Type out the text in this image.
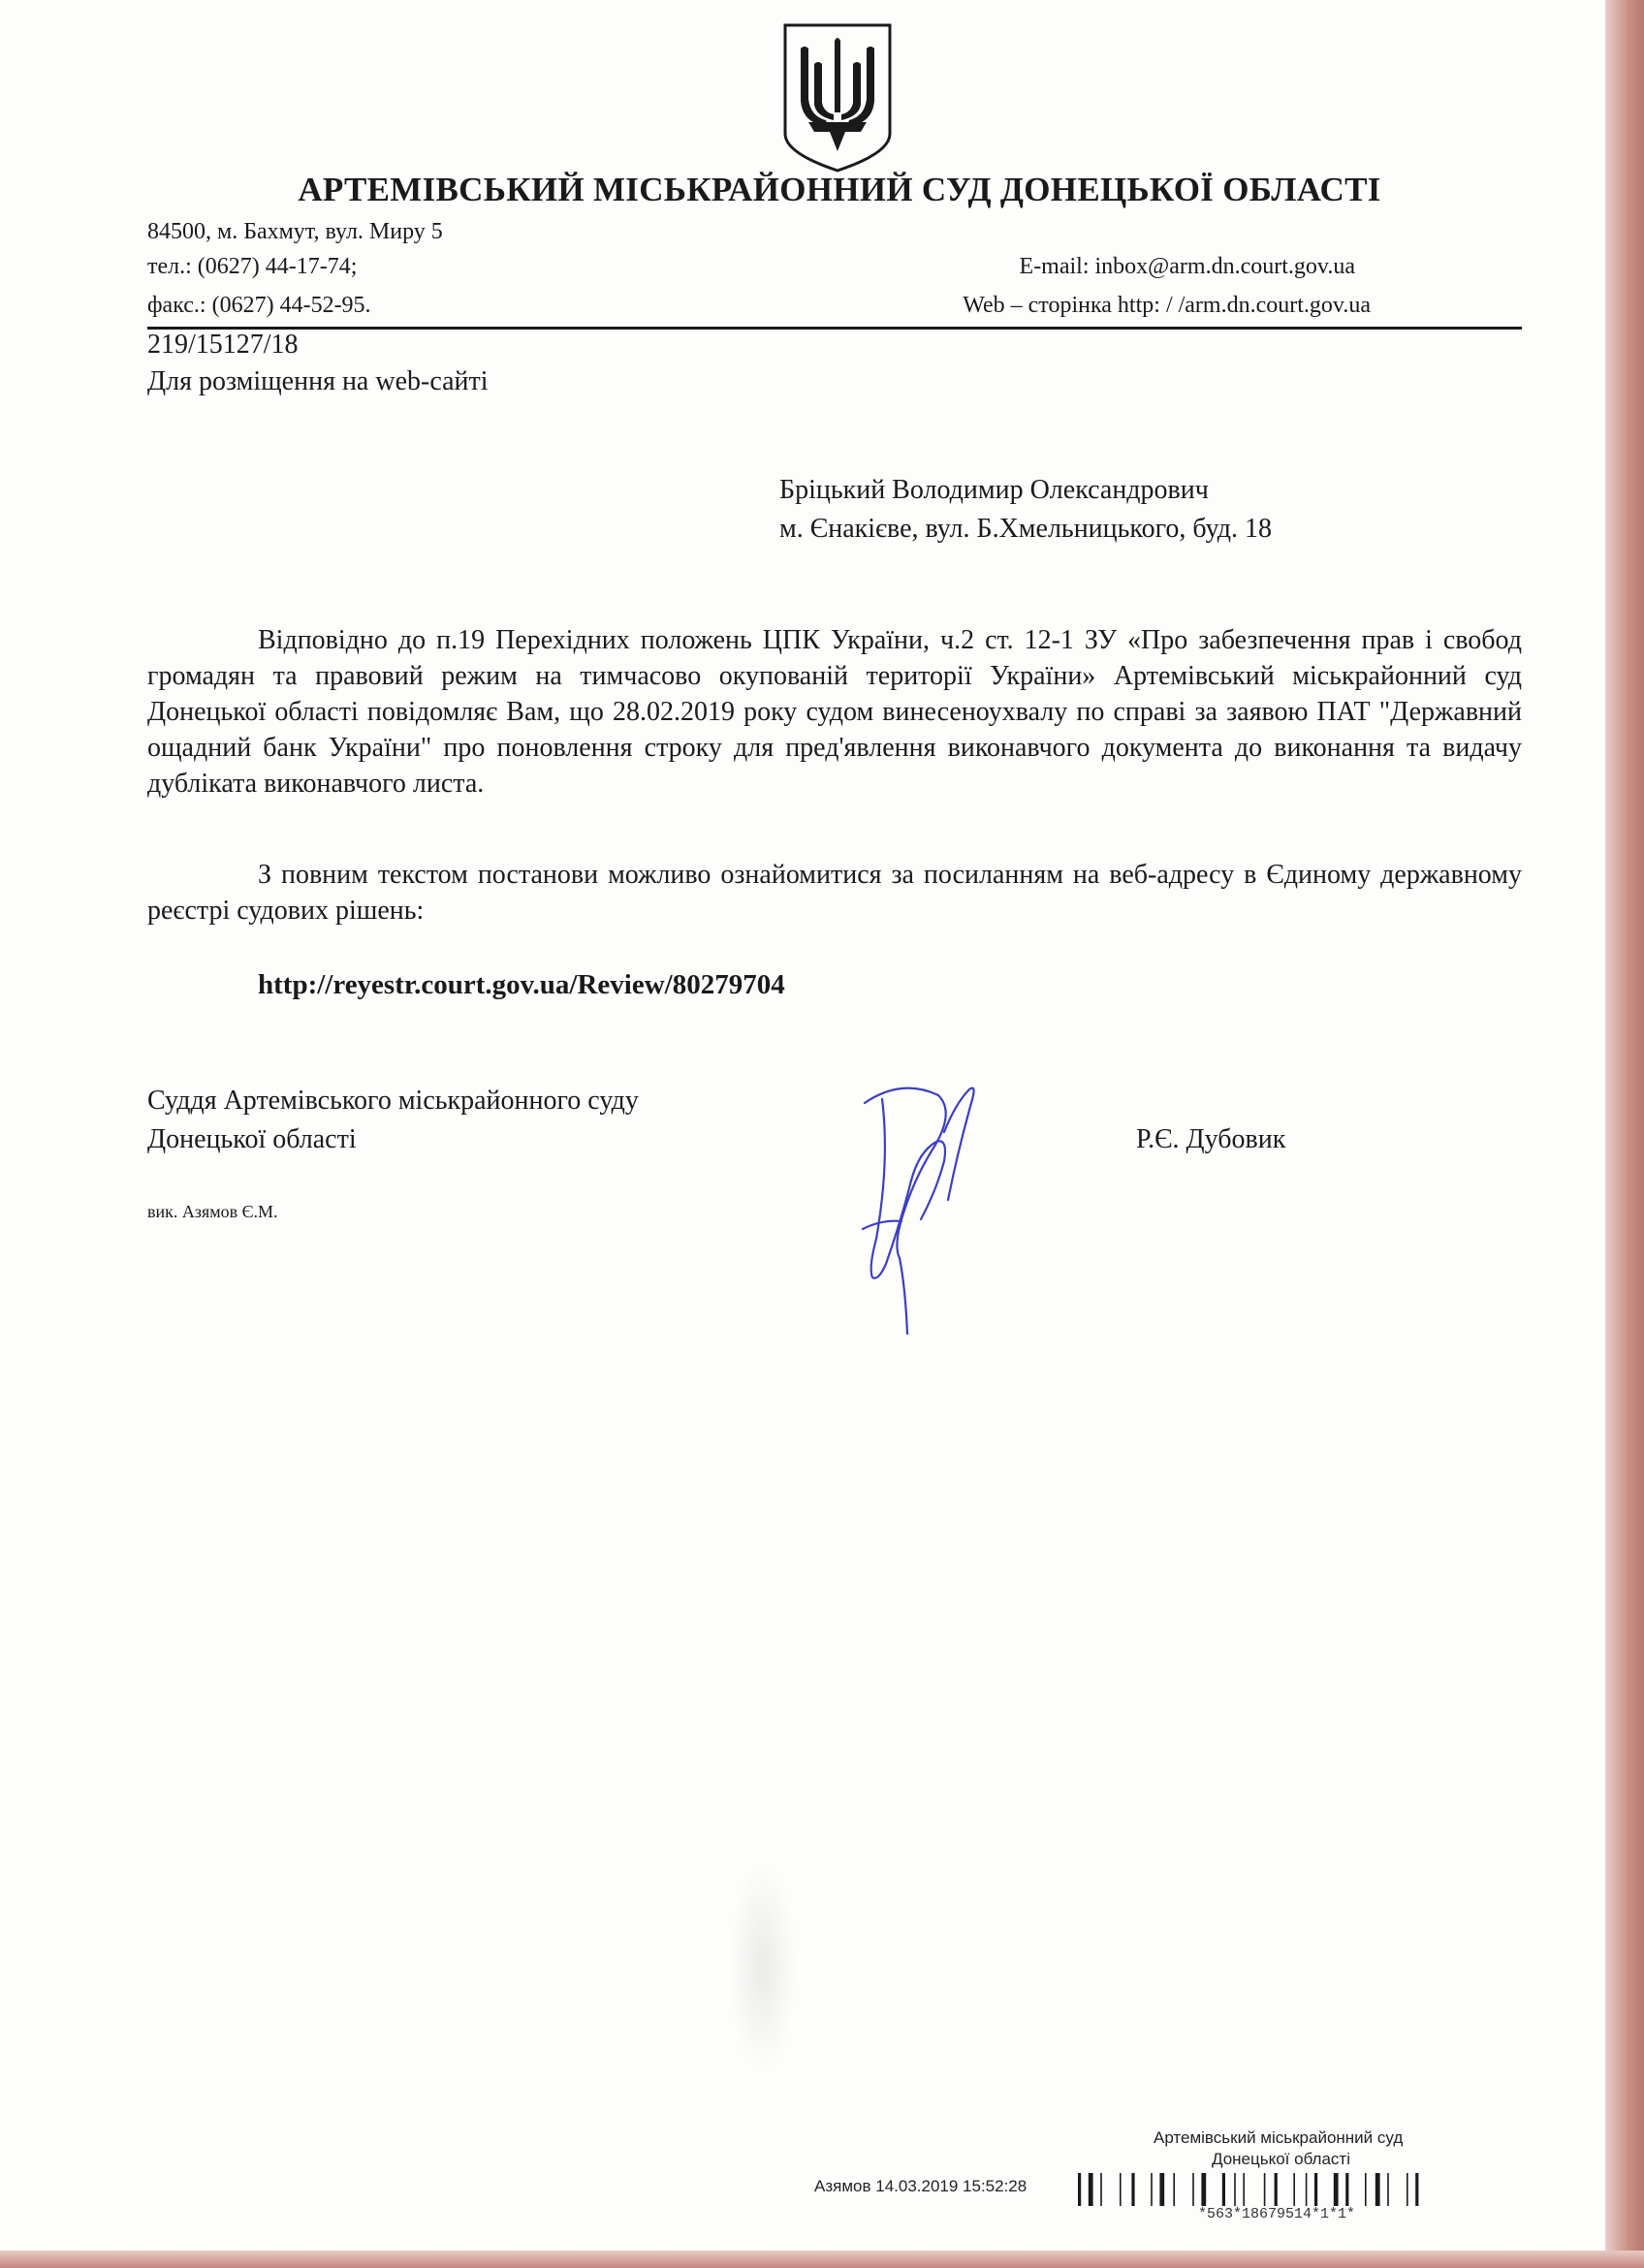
АРТЕМІВСЬКИЙ МІСЬКРАЙОННИЙ СУД ДОНЕЦЬКОЇ ОБЛАСТІ
84500, м. Бахмут, вул. Миру 5
тел.: (0627) 44-17-74;
факс.: (0627) 44-52-95.
E-mail: inbox@arm.dn.court.gov.ua
Web – сторінка http: / /arm.dn.court.gov.ua
219/15127/18
Для розміщення на web-сайті
Бріцький Володимир Олександрович
м. Єнакієве, вул. Б.Хмельницького, буд. 18
Відповідно до п.19 Перехідних положень ЦПК України, ч.2 ст. 12-1 ЗУ «Про забезпечення прав і свобод громадян та правовий режим на тимчасово окупованій території України» Артемівський міськрайонний суд Донецької області повідомляє Вам, що 28.02.2019 року судом винесеноухвалу по справі за заявою ПАТ "Державний ощадний банк України" про поновлення строку для пред'явлення виконавчого документа до виконання та видачу дубліката виконавчого листа.
З повним текстом постанови можливо ознайомитися за посиланням на веб-адресу в Єдиному державному реєстрі судових рішень:
http://reyestr.court.gov.ua/Review/80279704
Суддя Артемівського міськрайонного суду
Донецької області	Р.Є. Дубовик
вик. Азямов Є.М.
Артемівський міськрайонний суд
Донецької області
Азямов 14.03.2019 15:52:28
*563*18679514*1*1*
